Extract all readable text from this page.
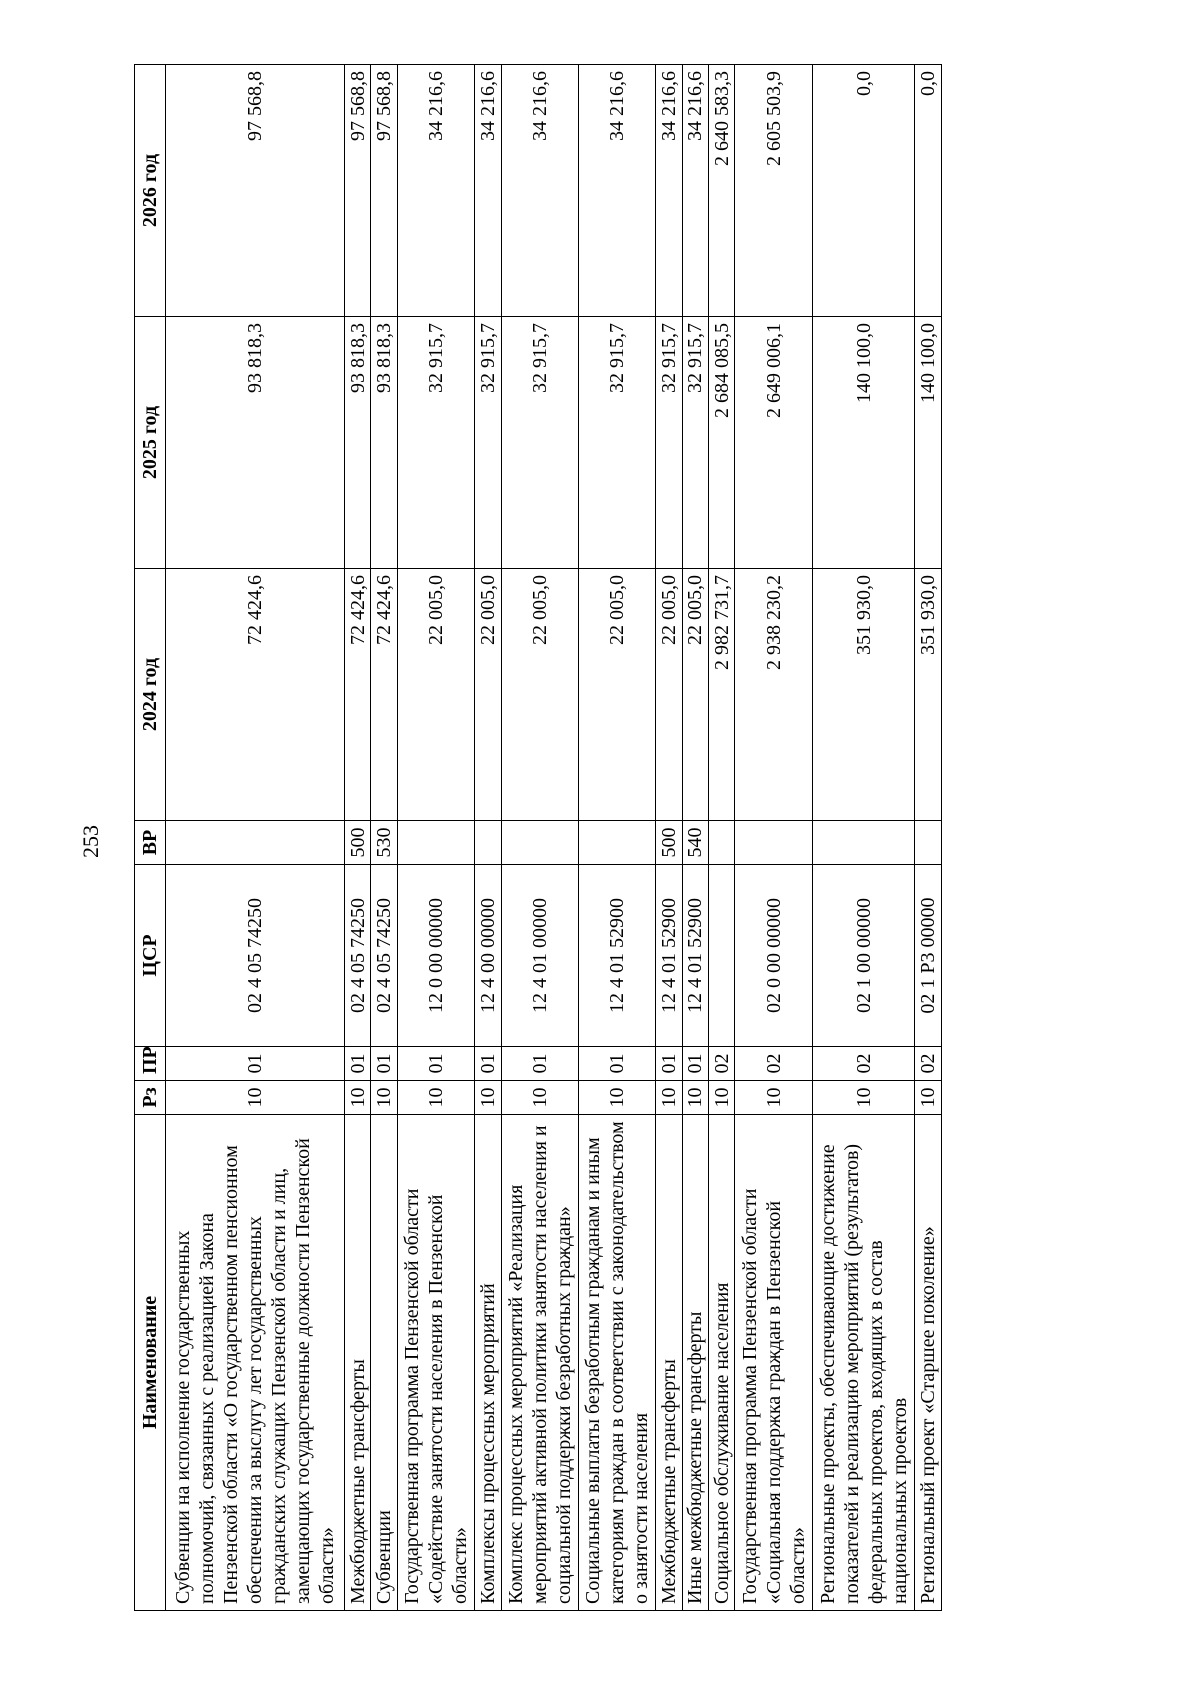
253
Наименование	Рз	ПР	ЦСР	ВР	2024 год	2025 год	2026 год
Субвенции на исполнение государственных полномочий, связанных с реализацией Закона Пензенской области «О государственном пенсионном обеспечении за выслугу лет государственных гражданских служащих Пензенской области и лиц, замещающих государственные должности Пензенской области»	10	01	02 4 05 74250		72 424,6	93 818,3	97 568,8
Межбюджетные трансферты	10	01	02 4 05 74250	500	72 424,6	93 818,3	97 568,8
Субвенции	10	01	02 4 05 74250	530	72 424,6	93 818,3	97 568,8
Государственная программа Пензенской области «Содействие занятости населения в Пензенской области»	10	01	12 0 00 00000		22 005,0	32 915,7	34 216,6
Комплексы процессных мероприятий	10	01	12 4 00 00000		22 005,0	32 915,7	34 216,6
Комплекс процессных мероприятий «Реализация мероприятий активной политики занятости населения и социальной поддержки безработных граждан»	10	01	12 4 01 00000		22 005,0	32 915,7	34 216,6
Социальные выплаты безработным гражданам и иным категориям граждан в соответствии с законодательством о занятости населения	10	01	12 4 01 52900		22 005,0	32 915,7	34 216,6
Межбюджетные трансферты	10	01	12 4 01 52900	500	22 005,0	32 915,7	34 216,6
Иные межбюджетные трансферты	10	01	12 4 01 52900	540	22 005,0	32 915,7	34 216,6
Социальное обслуживание населения	10	02			2 982 731,7	2 684 085,5	2 640 583,3
Государственная программа Пензенской области «Социальная поддержка граждан в Пензенской области»	10	02	02 0 00 00000		2 938 230,2	2 649 006,1	2 605 503,9
Региональные проекты, обеспечивающие достижение показателей и реализацию мероприятий (результатов) федеральных проектов, входящих в состав национальных проектов	10	02	02 1 00 00000		351 930,0	140 100,0	0,0
Региональный проект «Старшее поколение»	10	02	02 1 P3 00000		351 930,0	140 100,0	0,0
